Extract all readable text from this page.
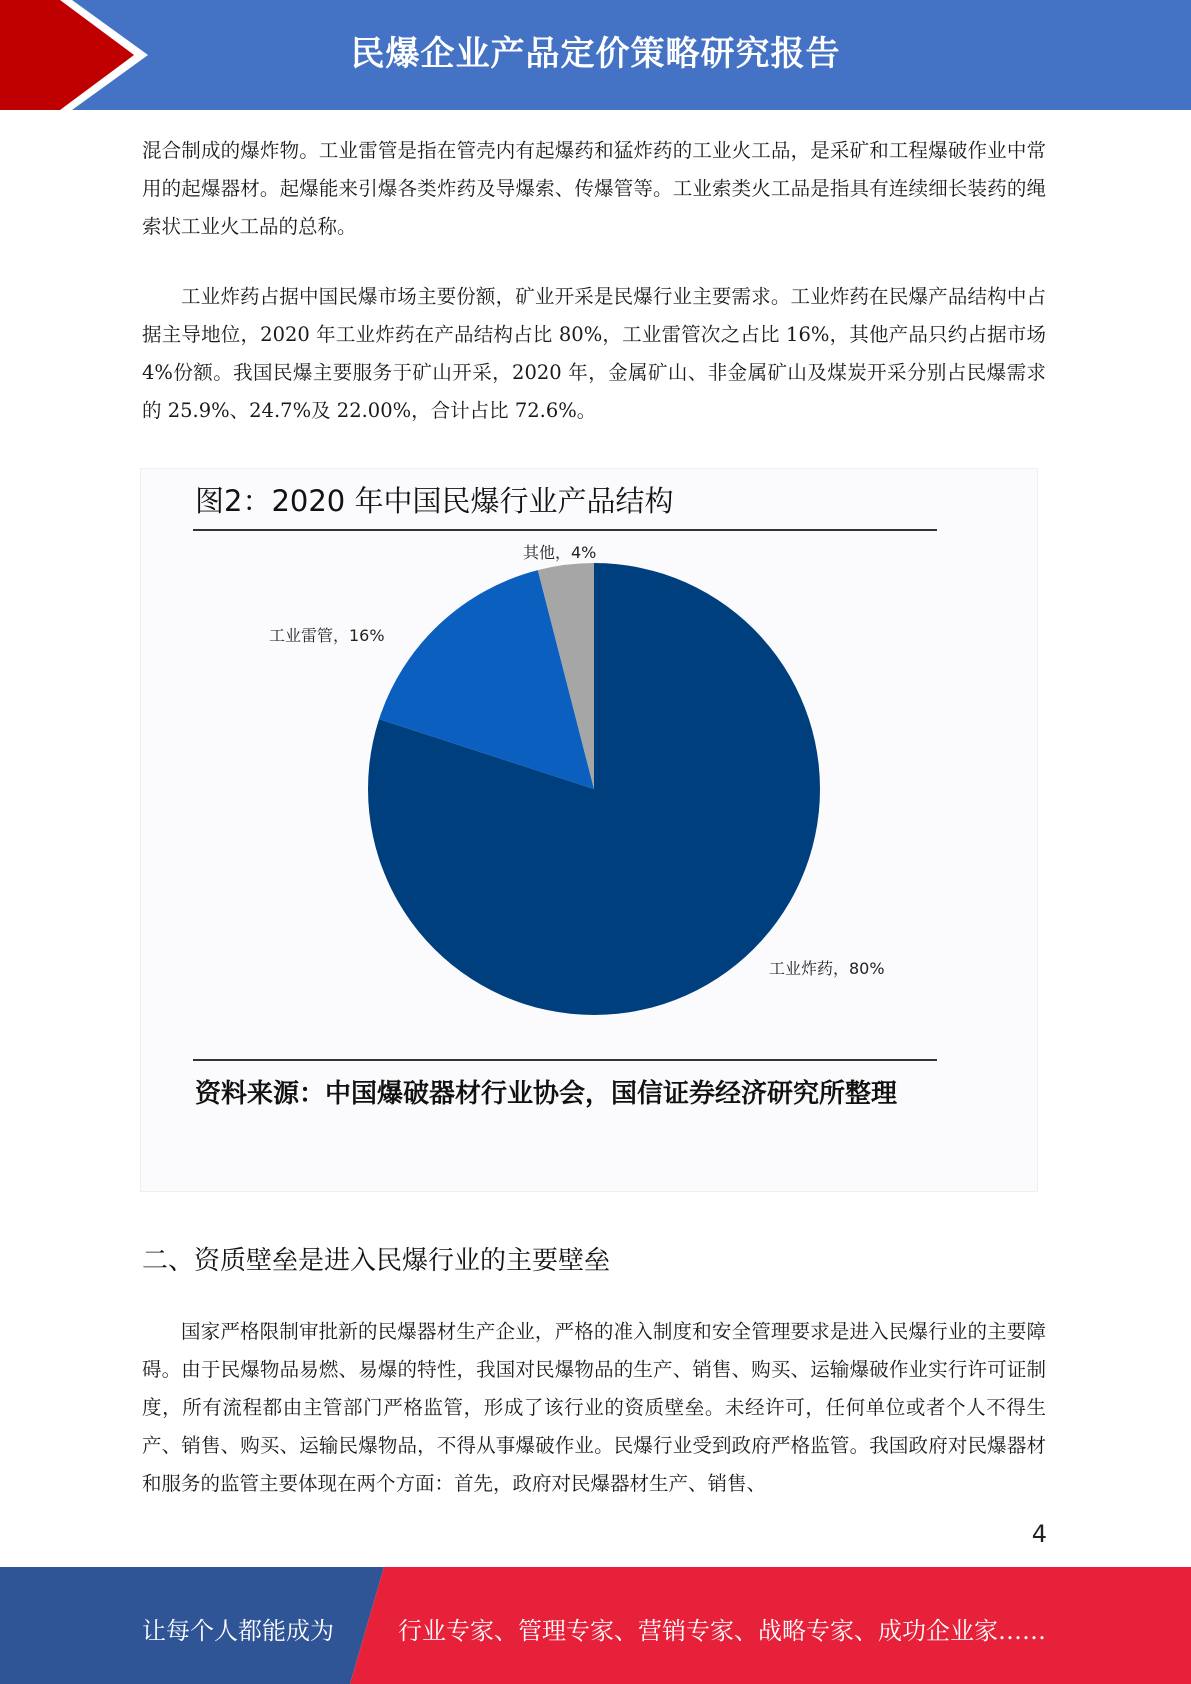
民爆企业产品定价策略研究报告

混合制成的爆炸物。工业雷管是指在管壳内有起爆药和猛炸药的工业火工品，是采矿和工程爆破作业中常用的起爆器材。起爆能来引爆各类炸药及导爆索、传爆管等。工业索类火工品是指具有连续细长装药的绳索状工业火工品的总称。

工业炸药占据中国民爆市场主要份额，矿业开采是民爆行业主要需求。工业炸药在民爆产品结构中占据主导地位，2020 年工业炸药在产品结构占比 80%，工业雷管次之占比 16%，其他产品只约占据市场 4%份额。我国民爆主要服务于矿山开采，2020 年，金属矿山、非金属矿山及煤炭开采分别占民爆需求的 25.9%、24.7%及 22.00%，合计占比 72.6%。

图2：2020 年中国民爆行业产品结构
工业炸药，80%
工业雷管，16%
其他，4%
资料来源：中国爆破器材行业协会，国信证券经济研究所整理
二、资质壁垒是进入民爆行业的主要壁垒

国家严格限制审批新的民爆器材生产企业，严格的准入制度和安全管理要求是进入民爆行业的主要障碍。由于民爆物品易燃、易爆的特性，我国对民爆物品的生产、销售、购买、运输爆破作业实行许可证制度，所有流程都由主管部门严格监管，形成了该行业的资质壁垒。未经许可，任何单位或者个人不得生产、销售、购买、运输民爆物品，不得从事爆破作业。民爆行业受到政府严格监管。我国政府对民爆器材和服务的监管主要体现在两个方面：首先，政府对民爆器材生产、销售、

4
让每个人都能成为	行业专家、管理专家、营销专家、战略专家、成功企业家……
